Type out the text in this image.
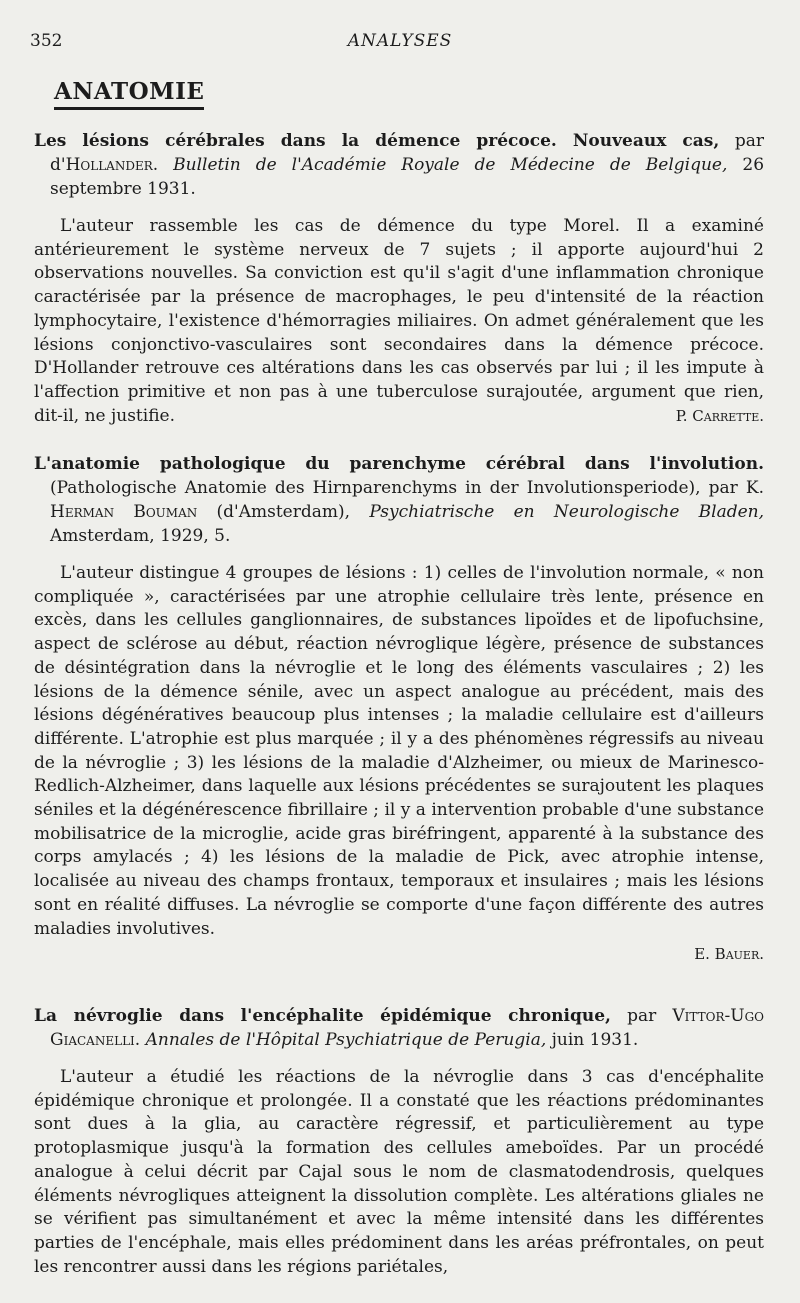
352	ANALYSES
ANATOMIE
Les lésions cérébrales dans la démence précoce. Nouveaux cas, par d'Hollander. Bulletin de l'Académie Royale de Médecine de Belgique, 26 septembre 1931.
L'auteur rassemble les cas de démence du type Morel. Il a examiné antérieurement le système nerveux de 7 sujets ; il apporte aujourd'hui 2 observations nouvelles. Sa conviction est qu'il s'agit d'une inflammation chronique caractérisée par la présence de macrophages, le peu d'intensité de la réaction lymphocytaire, l'existence d'hémorragies miliaires. On admet généralement que les lésions conjonctivo-vasculaires sont secondaires dans la démence précoce. D'Hollander retrouve ces altérations dans les cas observés par lui ; il les impute à l'affection primitive et non pas à une tuberculose surajoutée, argument que rien, dit-il, ne justifie.	P. Carrette.
L'anatomie pathologique du parenchyme cérébral dans l'involution. (Pathologische Anatomie des Hirnparenchyms in der Involutionsperiode), par K. Herman Bouman (d'Amsterdam), Psychiatrische en Neurologische Bladen, Amsterdam, 1929, 5.
L'auteur distingue 4 groupes de lésions : 1) celles de l'involution normale, « non compliquée », caractérisées par une atrophie cellulaire très lente, présence en excès, dans les cellules ganglionnaires, de substances lipoïdes et de lipofuchsine, aspect de sclérose au début, réaction névroglique légère, présence de substances de désintégration dans la névroglie et le long des éléments vasculaires ; 2) les lésions de la démence sénile, avec un aspect analogue au précédent, mais des lésions dégénératives beaucoup plus intenses ; la maladie cellulaire est d'ailleurs différente. L'atrophie est plus marquée ; il y a des phénomènes régressifs au niveau de la névroglie ; 3) les lésions de la maladie d'Alzheimer, ou mieux de Marinesco-Redlich-Alzheimer, dans laquelle aux lésions précédentes se surajoutent les plaques séniles et la dégénérescence fibrillaire ; il y a intervention probable d'une substance mobilisatrice de la microglie, acide gras biréfringent, apparenté à la substance des corps amylacés ; 4) les lésions de la maladie de Pick, avec atrophie intense, localisée au niveau des champs frontaux, temporaux et insulaires ; mais les lésions sont en réalité diffuses. La névroglie se comporte d'une façon différente des autres maladies involutives.
E. Bauer.
La névroglie dans l'encéphalite épidémique chronique, par Vittor-Ugo Giacanelli. Annales de l'Hôpital Psychiatrique de Perugia, juin 1931.
L'auteur a étudié les réactions de la névroglie dans 3 cas d'encéphalite épidémique chronique et prolongée. Il a constaté que les réactions prédominantes sont dues à la glia, au caractère régressif, et particulièrement au type protoplasmique jusqu'à la formation des cellules ameboïdes. Par un procédé analogue à celui décrit par Cajal sous le nom de clasmatodendrosis, quelques éléments névrogliques atteignent la dissolution complète. Les altérations gliales ne se vérifient pas simultanément et avec la même intensité dans les différentes parties de l'encéphale, mais elles prédominent dans les aréas préfrontales, on peut les rencontrer aussi dans les régions pariétales,
